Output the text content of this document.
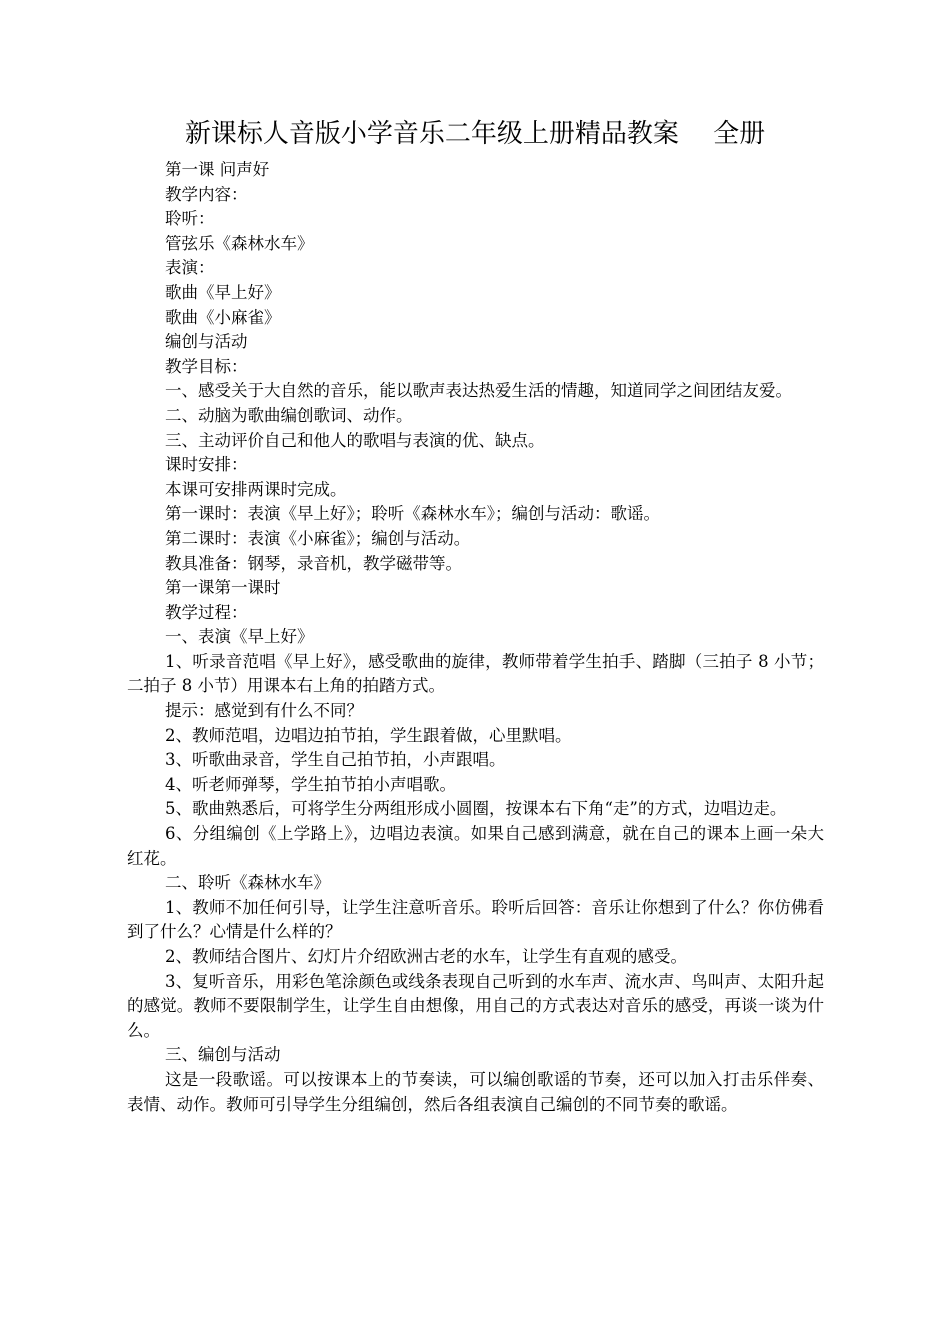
新课标人音版小学音乐二年级上册精品教案　 全册

第一课 问声好

教学内容：

聆听：

管弦乐《森林水车》

表演：

歌曲《早上好》

歌曲《小麻雀》

编创与活动

教学目标：

一、感受关于大自然的音乐，能以歌声表达热爱生活的情趣，知道同学之间团结友爱。

二、动脑为歌曲编创歌词、动作。

三、主动评价自己和他人的歌唱与表演的优、缺点。

课时安排：

本课可安排两课时完成。

第一课时：表演《早上好》；聆听《森林水车》；编创与活动：歌谣。

第二课时：表演《小麻雀》；编创与活动。

教具准备：钢琴，录音机，教学磁带等。

第一课第一课时

教学过程：

一、表演《早上好》

1、听录音范唱《早上好》，感受歌曲的旋律，教师带着学生拍手、踏脚（三拍子 8 小节；二拍子 8 小节）用课本右上角的拍踏方式。

提示：感觉到有什么不同？

2、教师范唱，边唱边拍节拍，学生跟着做，心里默唱。

3、听歌曲录音，学生自己拍节拍，小声跟唱。

4、听老师弹琴，学生拍节拍小声唱歌。

5、歌曲熟悉后，可将学生分两组形成小圆圈，按课本右下角“走”的方式，边唱边走。

6、分组编创《上学路上》，边唱边表演。如果自己感到满意，就在自己的课本上画一朵大红花。

二、聆听《森林水车》

1、教师不加任何引导，让学生注意听音乐。聆听后回答：音乐让你想到了什么？你仿佛看到了什么？心情是什么样的？

2、教师结合图片、幻灯片介绍欧洲古老的水车，让学生有直观的感受。

3、复听音乐，用彩色笔涂颜色或线条表现自己听到的水车声、流水声、鸟叫声、太阳升起的感觉。教师不要限制学生，让学生自由想像，用自己的方式表达对音乐的感受，再谈一谈为什么。

三、编创与活动

这是一段歌谣。可以按课本上的节奏读，可以编创歌谣的节奏，还可以加入打击乐伴奏、表情、动作。教师可引导学生分组编创，然后各组表演自己编创的不同节奏的歌谣。
